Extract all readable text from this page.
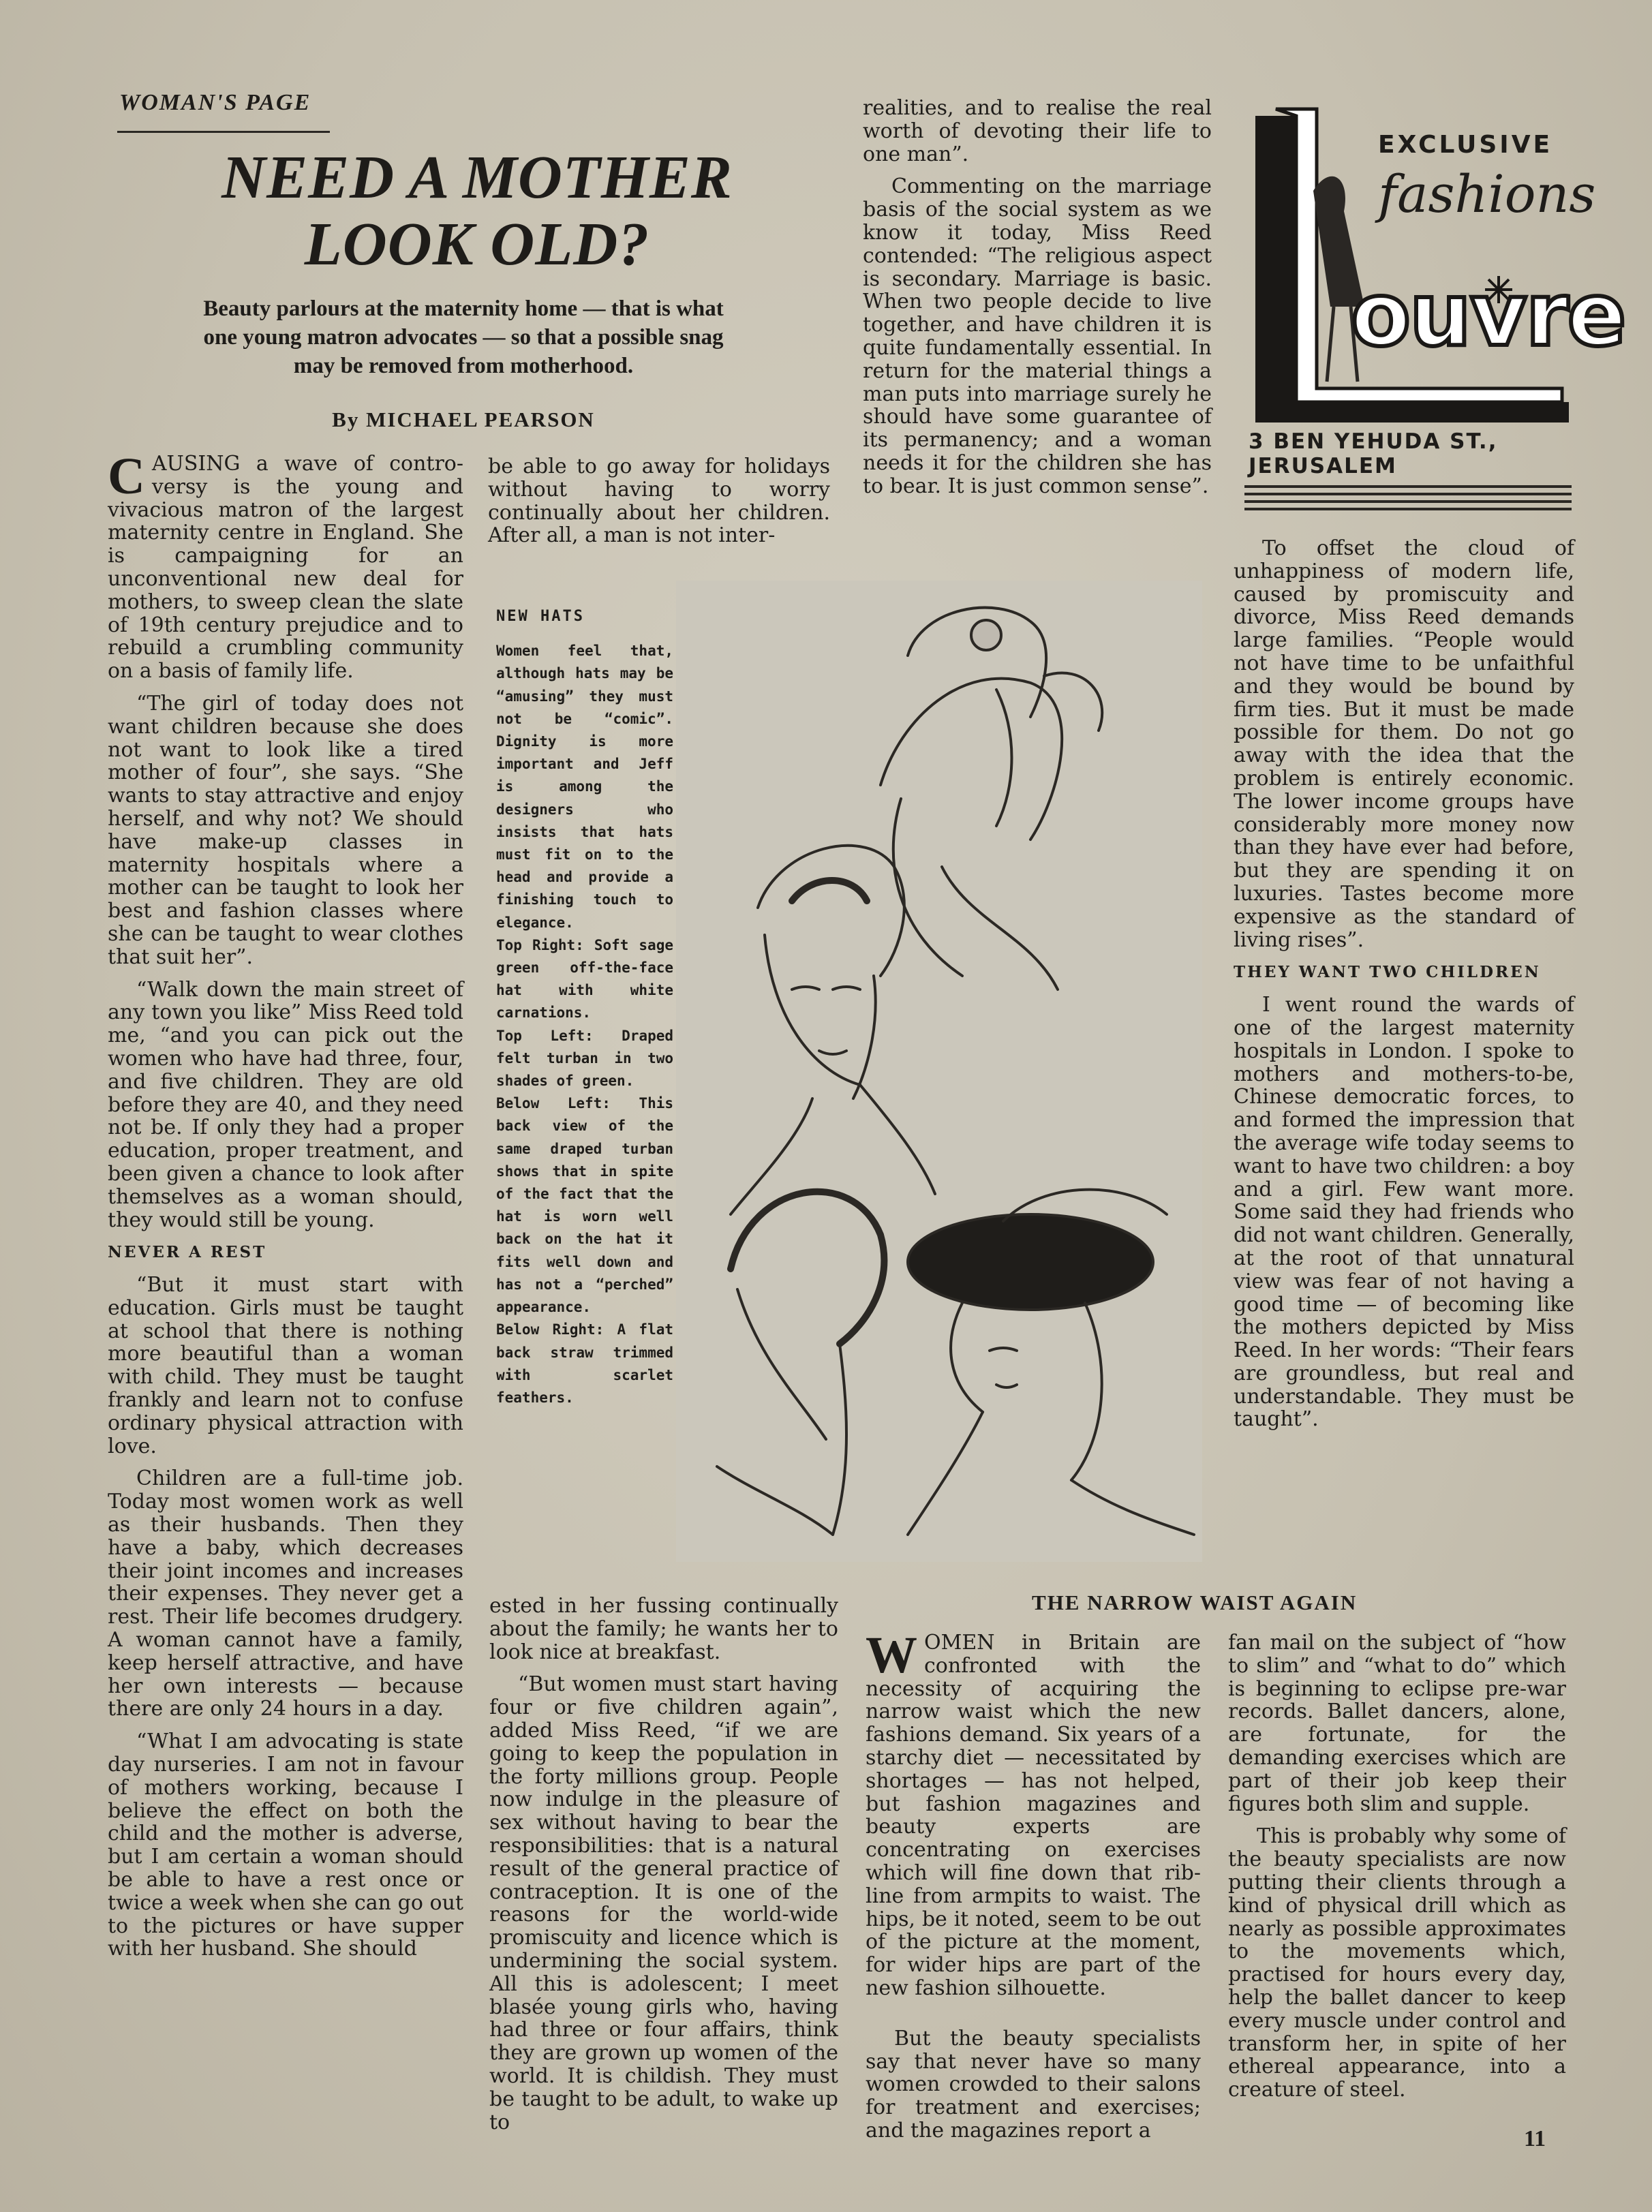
WOMAN'S PAGE
NEED A MOTHER
LOOK OLD?
Beauty parlours at the maternity home — that is what
one young matron advocates — so that a possible snag
may be removed from motherhood.
By MICHAEL PEARSON

CAUSING a wave of contro-versy is the young and vivacious matron of the largest maternity centre in England. She is campaigning for an unconventional new deal for mothers, to sweep clean the slate of 19th century prejudice and to rebuild a crumbling community on a basis of family life.

“The girl of today does not want children because she does not want to look like a tired mother of four”, she says. “She wants to stay attractive and enjoy herself, and why not? We should have make-up classes in maternity hospitals where a mother can be taught to look her best and fashion classes where she can be taught to wear clothes that suit her”.

“Walk down the main street of any town you like” Miss Reed told me, “and you can pick out the women who have had three, four, and five children. They are old before they are 40, and they need not be. If only they had a proper education, proper treatment, and been given a chance to look after themselves as a woman should, they would still be young.

NEVER A REST

“But it must start with education. Girls must be taught at school that there is nothing more beautiful than a woman with child. They must be taught frankly and learn not to confuse ordinary physical attraction with love.

Children are a full-time job. Today most women work as well as their husbands. Then they have a baby, which decreases their joint incomes and increases their expenses. They never get a rest. Their life becomes drudgery. A woman cannot have a family, keep herself attractive, and have her own interests — because there are only 24 hours in a day.

“What I am advocating is state day nurseries. I am not in favour of mothers working, because I believe the effect on both the child and the mother is adverse, but I am certain a woman should be able to have a rest once or twice a week when she can go out to the pictures or have supper with her husband. She should

be able to go away for holidays without having to worry continually about her children. After all, a man is not inter-

NEW HATS

Women feel that, although hats may be “amusing” they must not be “comic”. Dignity is more important and Jeff is among the designers who insists that hats must fit on to the head and provide a finishing touch to elegance.

Top Right: Soft sage green off-the-face hat with white carnations.

Top Left: Draped felt turban in two shades of green.

Below Left: This back view of the same draped turban shows that in spite of the fact that the hat is worn well back on the hat it fits well down and has not a “perched” appearance.

Below Right: A flat back straw trimmed with scarlet feathers.

ested in her fussing continually about the family; he wants her to look nice at breakfast.

“But women must start having four or five children again”, added Miss Reed, “if we are going to keep the population in the forty millions group. People now indulge in the pleasure of sex without having to bear the responsibilities: that is a natural result of the general practice of contraception. It is one of the reasons for the world-wide promiscuity and licence which is undermining the social system. All this is adolescent; I meet blasée young girls who, having had three or four affairs, think they are grown up women of the world. It is childish. They must be taught to be adult, to wake up to

realities, and to realise the real worth of devoting their life to one man”.

Commenting on the marriage basis of the social system as we know it today, Miss Reed contended: “The religious aspect is secondary. Marriage is basic. When two people decide to live together, and have children it is quite fundamentally essential. In return for the material things a man puts into marriage surely he should have some guarantee of its permanency; and a woman needs it for the children she has to bear. It is just common sense”.

EXCLUSIVE
fashions
ouvre
3 BEN YEHUDA ST., JERUSALEM

To offset the cloud of unhappiness of modern life, caused by promiscuity and divorce, Miss Reed demands large families. “People would not have time to be unfaithful and they would be bound by firm ties. But it must be made possible for them. Do not go away with the idea that the problem is entirely economic. The lower income groups have considerably more money now than they have ever had before, but they are spending it on luxuries. Tastes become more expensive as the standard of living rises”.

THEY WANT TWO CHILDREN

I went round the wards of one of the largest maternity hospitals in London. I spoke to mothers and mothers-to-be, Chinese democratic forces, to and formed the impression that the average wife today seems to want to have two children: a boy and a girl. Few want more. Some said they had friends who did not want children. Generally, at the root of that unnatural view was fear of not having a good time — of becoming like the mothers depicted by Miss Reed. In her words: “Their fears are groundless, but real and understandable. They must be taught”.

THE NARROW WAIST AGAIN

WOMEN in Britain are confronted with the necessity of acquiring the narrow waist which the new fashions demand. Six years of a starchy diet — necessitated by shortages — has not helped, but fashion magazines and beauty experts are concentrating on exercises which will fine down that rib-line from armpits to waist. The hips, be it noted, seem to be out of the picture at the moment, for wider hips are part of the new fashion silhouette.

But the beauty specialists say that never have so many women crowded to their salons for treatment and exercises; and the magazines report a

fan mail on the subject of “how to slim” and “what to do” which is beginning to eclipse pre-war records. Ballet dancers, alone, are fortunate, for the demanding exercises which are part of their job keep their figures both slim and supple.

This is probably why some of the beauty specialists are now putting their clients through a kind of physical drill which as nearly as possible approximates to the movements which, practised for hours every day, help the ballet dancer to keep every muscle under control and transform her, in spite of her ethereal appearance, into a creature of steel.

11
